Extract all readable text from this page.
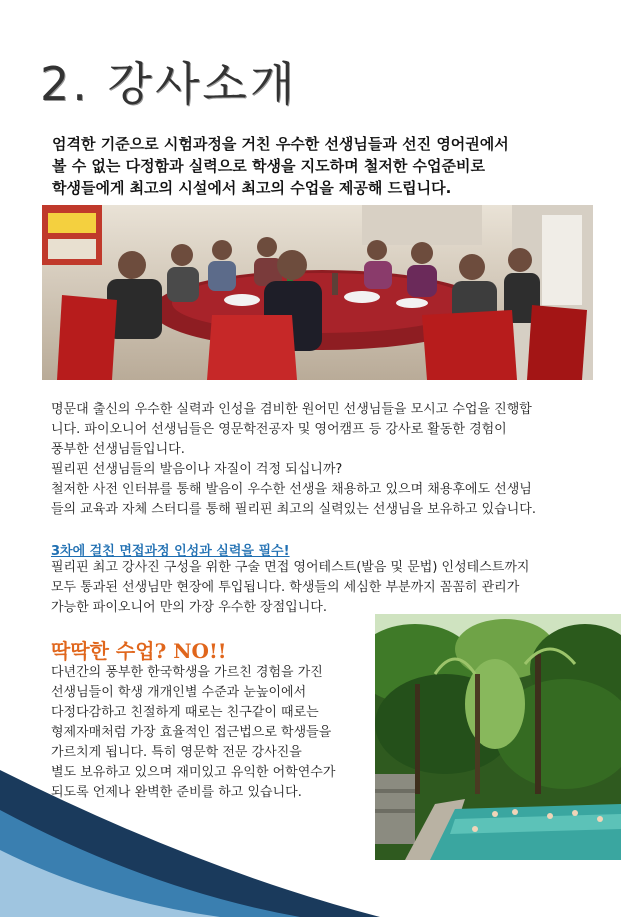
2. 강사소개
엄격한 기준으로 시험과정을 거친 우수한 선생님들과 선진 영어권에서
볼 수 없는 다정함과 실력으로 학생을 지도하며 철저한 수업준비로
학생들에게 최고의 시설에서 최고의 수업을 제공해 드립니다.
명문대 출신의 우수한 실력과 인성을 겸비한 원어민 선생님들을 모시고 수업을 진행합
니다. 파이오니어 선생님들은 영문학전공자 및 영어캠프 등 강사로 활동한 경험이
풍부한 선생님들입니다.
필리핀 선생님들의 발음이나 자질이 걱정 되십니까?
철저한 사전 인터뷰를 통해 발음이 우수한 선생을 채용하고 있으며 채용후에도 선생님
들의 교육과 자체 스터디를 통해 필리핀 최고의 실력있는 선생님을 보유하고 있습니다.
3차에 걸친 면접과정 인성과 실력을 필수!
필리핀 최고 강사진 구성을 위한 구술 면접 영어테스트(발음 및 문법) 인성테스트까지
모두 통과된 선생님만 현장에 투입됩니다. 학생들의 세심한 부분까지 꼼꼼히 관리가
가능한 파이오니어 만의 가장 우수한 장점입니다.
딱딱한 수업? NO!!
다년간의 풍부한 한국학생을 가르친 경험을 가진
선생님들이 학생 개개인별 수준과 눈높이에서
다정다감하고 친절하게 때로는 친구같이 때로는
형제자매처럼 가장 효율적인 접근법으로 학생들을
가르치게 됩니다. 특히 영문학 전문 강사진을
별도 보유하고 있으며 재미있고 유익한 어학연수가
되도록 언제나 완벽한 준비를 하고 있습니다.
